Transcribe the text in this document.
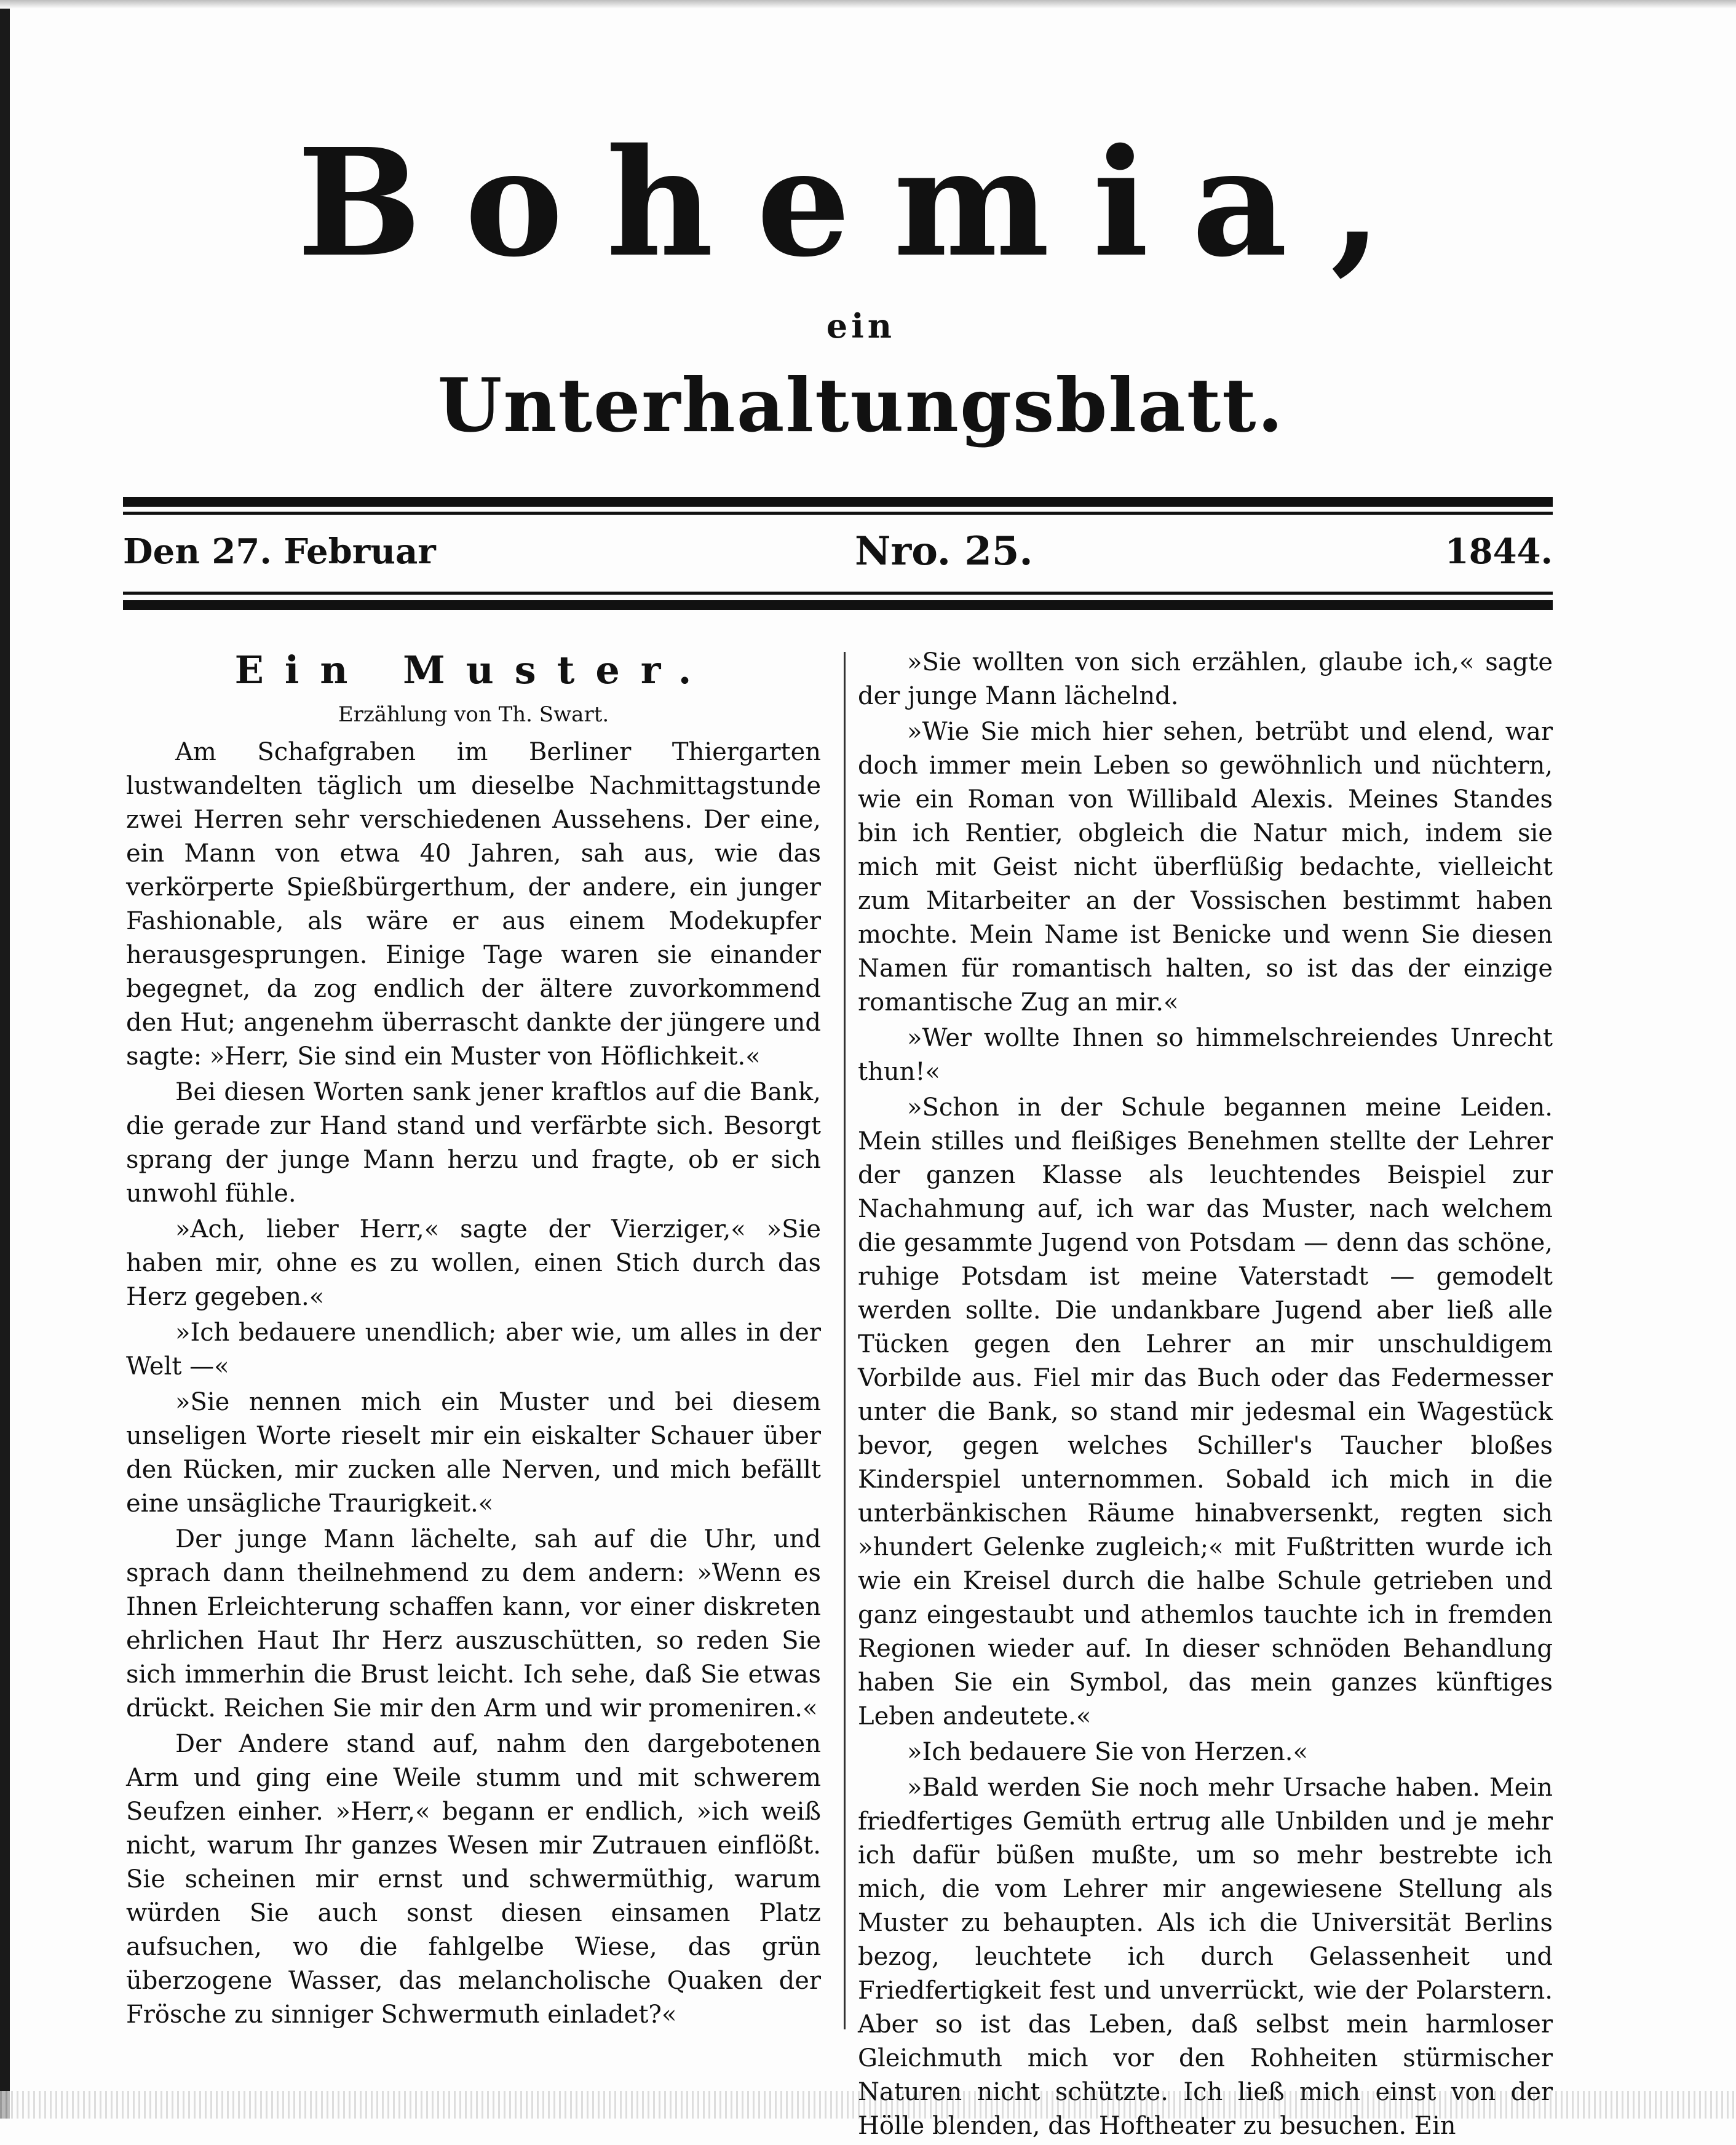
Bohemia,
ein
Unterhaltungsblatt.
Den 27. Februar	Nro. 25.	1844.
Ein Muster.
Erzählung von Th. Swart.

Am Schafgraben im Berliner Thiergarten lustwandelten täglich um dieselbe Nachmittagstunde zwei Herren sehr verschiedenen Aussehens. Der eine, ein Mann von etwa 40 Jahren, sah aus, wie das verkörperte Spießbürgerthum, der andere, ein junger Fashionable, als wäre er aus einem Modekupfer herausgesprungen. Einige Tage waren sie einander begegnet, da zog endlich der ältere zuvorkommend den Hut; angenehm überrascht dankte der jüngere und sagte: »Herr, Sie sind ein Muster von Höflichkeit.«

Bei diesen Worten sank jener kraftlos auf die Bank, die gerade zur Hand stand und verfärbte sich. Besorgt sprang der junge Mann herzu und fragte, ob er sich unwohl fühle.

»Ach, lieber Herr,« sagte der Vierziger,« »Sie haben mir, ohne es zu wollen, einen Stich durch das Herz gegeben.«

»Ich bedauere unendlich; aber wie, um alles in der Welt —«

»Sie nennen mich ein Muster und bei diesem unseligen Worte rieselt mir ein eiskalter Schauer über den Rücken, mir zucken alle Nerven, und mich befällt eine unsägliche Traurigkeit.«

Der junge Mann lächelte, sah auf die Uhr, und sprach dann theilnehmend zu dem andern: »Wenn es Ihnen Erleichterung schaffen kann, vor einer diskreten ehrlichen Haut Ihr Herz auszuschütten, so reden Sie sich immerhin die Brust leicht. Ich sehe, daß Sie etwas drückt. Reichen Sie mir den Arm und wir promeniren.«

Der Andere stand auf, nahm den dargebotenen Arm und ging eine Weile stumm und mit schwerem Seufzen einher. »Herr,« begann er endlich, »ich weiß nicht, warum Ihr ganzes Wesen mir Zutrauen einflößt. Sie scheinen mir ernst und schwermüthig, warum würden Sie auch sonst diesen einsamen Platz aufsuchen, wo die fahlgelbe Wiese, das grün überzogene Wasser, das melancholische Quaken der Frösche zu sinniger Schwermuth einladet?«

»Sie wollten von sich erzählen, glaube ich,« sagte der junge Mann lächelnd.

»Wie Sie mich hier sehen, betrübt und elend, war doch immer mein Leben so gewöhnlich und nüchtern, wie ein Roman von Willibald Alexis. Meines Standes bin ich Rentier, obgleich die Natur mich, indem sie mich mit Geist nicht überflüßig bedachte, vielleicht zum Mitarbeiter an der Vossischen bestimmt haben mochte. Mein Name ist Benicke und wenn Sie diesen Namen für romantisch halten, so ist das der einzige romantische Zug an mir.«

»Wer wollte Ihnen so himmelschreiendes Unrecht thun!«

»Schon in der Schule begannen meine Leiden. Mein stilles und fleißiges Benehmen stellte der Lehrer der ganzen Klasse als leuchtendes Beispiel zur Nachahmung auf, ich war das Muster, nach welchem die gesammte Jugend von Potsdam — denn das schöne, ruhige Potsdam ist meine Vaterstadt — gemodelt werden sollte. Die undankbare Jugend aber ließ alle Tücken gegen den Lehrer an mir unschuldigem Vorbilde aus. Fiel mir das Buch oder das Federmesser unter die Bank, so stand mir jedesmal ein Wagestück bevor, gegen welches Schiller's Taucher bloßes Kinderspiel unternommen. Sobald ich mich in die unterbänkischen Räume hinabversenkt, regten sich »hundert Gelenke zugleich;« mit Fußtritten wurde ich wie ein Kreisel durch die halbe Schule getrieben und ganz eingestaubt und athemlos tauchte ich in fremden Regionen wieder auf. In dieser schnöden Behandlung haben Sie ein Symbol, das mein ganzes künftiges Leben andeutete.«

»Ich bedauere Sie von Herzen.«

»Bald werden Sie noch mehr Ursache haben. Mein friedfertiges Gemüth ertrug alle Unbilden und je mehr ich dafür büßen mußte, um so mehr bestrebte ich mich, die vom Lehrer mir angewiesene Stellung als Muster zu behaupten. Als ich die Universität Berlins bezog, leuchtete ich durch Gelassenheit und Friedfertigkeit fest und unverrückt, wie der Polarstern. Aber so ist das Leben, daß selbst mein harmloser Gleichmuth mich vor den Rohheiten stürmischer Naturen nicht schützte. Ich ließ mich einst von der Hölle blenden, das Hoftheater zu besuchen. Ein
